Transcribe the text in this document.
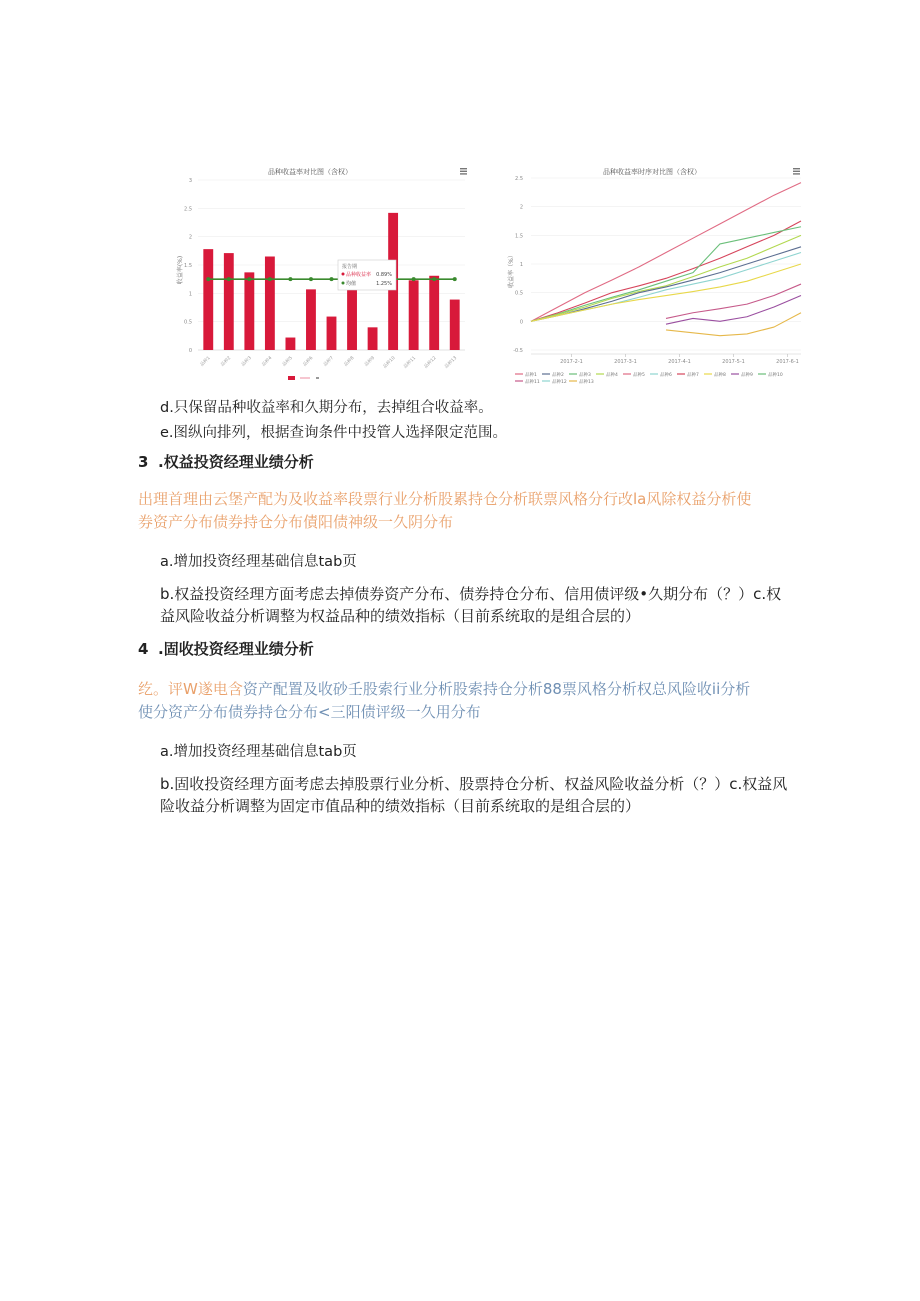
品种收益率对比图（含权）
收益率(%)
0
0.5
1
1.5
2
2.5
3
品种1	品种2	品种3	品种4	品种5	品种6	品种7	品种8	品种9	品种10	品种11	品种12	品种13
报告期
品种收益率 0.89%
均值	1.25%
品种收益率时序对比图（含权）
收益率（%）
-0.5
0
0.5
1
1.5
2
2.5
2017-2-1	2017-3-1	2017-4-1	2017-5-1	2017-6-1
品种1	品种2	品种3	品种4	品种5	品种6	品种7	品种8	品种9	品种10
品种11	品种12	品种13
d.只保留品种收益率和久期分布，去掉组合收益率。
e.图纵向排列，根据查询条件中投管人选择限定范围。
3 .权益投资经理业绩分析
出理首理由云堡产配为及收益率段票行业分析股累持仓分析联票风格分行改la风除权益分析使
券资产分布债券持仓分布債阳债神级一久阴分布
a.增加投资经理基础信息tab页
b.权益投资经理方面考虑去掉债券资产分布、债券持仓分布、信用债评级•久期分布（？）c.权益风险收益分析调整为权益品种的绩效指标（目前系统取的是组合层的）
4 .固收投资经理业绩分析
纥。评W遂电含资产配置及收砂壬股索行业分析股索持仓分析88票风格分析权总风险收ii分析
使分资产分布债券持仓分布<三阳债评级一久用分布
a.增加投资经理基础信息tab页
b.固收投资经理方面考虑去掉股票行业分析、股票持仓分析、权益风险收益分析（？）c.权益风险收益分析调整为固定市值品种的绩效指标（目前系统取的是组合层的）
